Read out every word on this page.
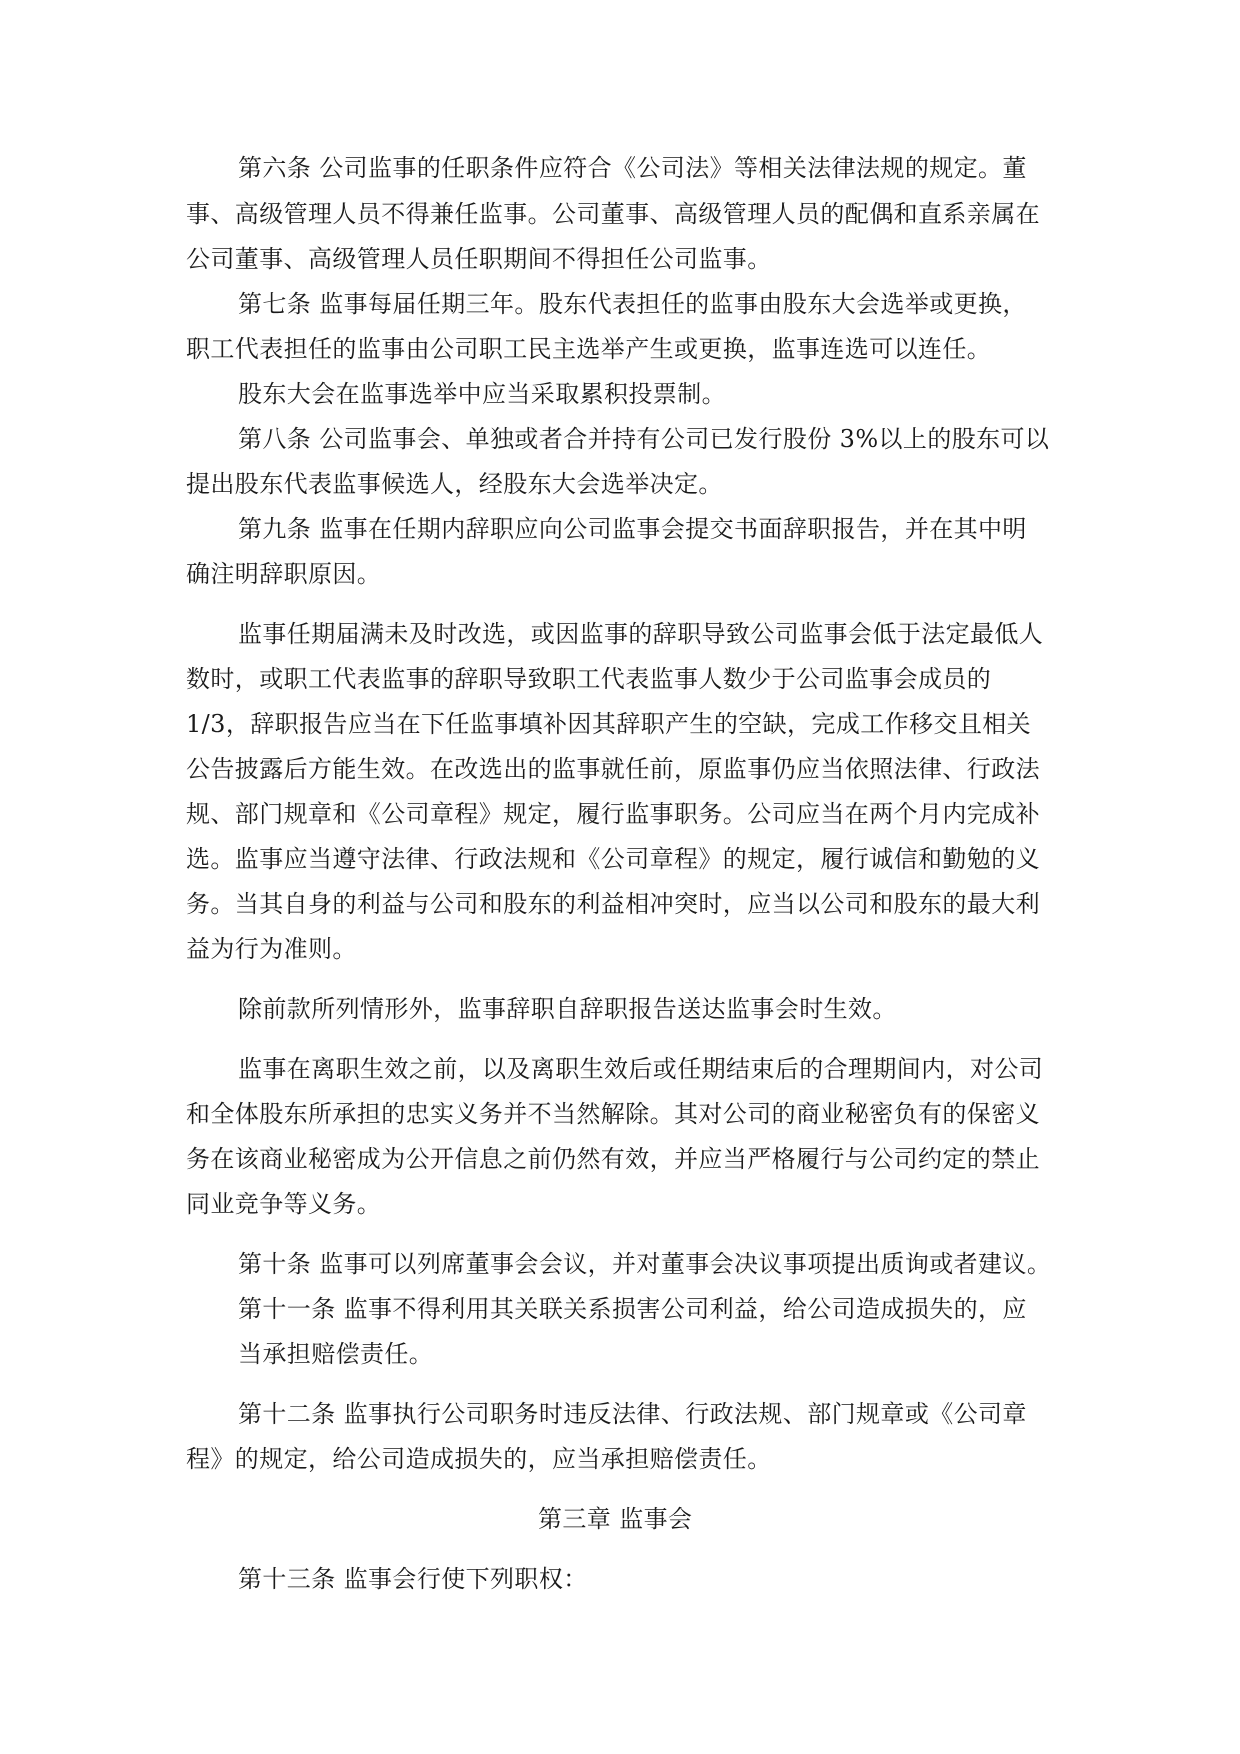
第六条 公司监事的任职条件应符合《公司法》等相关法律法规的规定。董
事、高级管理人员不得兼任监事。公司董事、高级管理人员的配偶和直系亲属在
公司董事、高级管理人员任职期间不得担任公司监事。
第七条 监事每届任期三年。股东代表担任的监事由股东大会选举或更换，
职工代表担任的监事由公司职工民主选举产生或更换，监事连选可以连任。
股东大会在监事选举中应当采取累积投票制。
第八条 公司监事会、单独或者合并持有公司已发行股份 3%以上的股东可以
提出股东代表监事候选人，经股东大会选举决定。
第九条 监事在任期内辞职应向公司监事会提交书面辞职报告，并在其中明
确注明辞职原因。
监事任期届满未及时改选，或因监事的辞职导致公司监事会低于法定最低人
数时，或职工代表监事的辞职导致职工代表监事人数少于公司监事会成员的
1/3，辞职报告应当在下任监事填补因其辞职产生的空缺，完成工作移交且相关
公告披露后方能生效。在改选出的监事就任前，原监事仍应当依照法律、行政法
规、部门规章和《公司章程》规定，履行监事职务。公司应当在两个月内完成补
选。监事应当遵守法律、行政法规和《公司章程》的规定，履行诚信和勤勉的义
务。当其自身的利益与公司和股东的利益相冲突时，应当以公司和股东的最大利
益为行为准则。
除前款所列情形外，监事辞职自辞职报告送达监事会时生效。
监事在离职生效之前，以及离职生效后或任期结束后的合理期间内，对公司
和全体股东所承担的忠实义务并不当然解除。其对公司的商业秘密负有的保密义
务在该商业秘密成为公开信息之前仍然有效，并应当严格履行与公司约定的禁止
同业竞争等义务。
第十条 监事可以列席董事会会议，并对董事会决议事项提出质询或者建议。
第十一条 监事不得利用其关联关系损害公司利益，给公司造成损失的，应
当承担赔偿责任。
第十二条 监事执行公司职务时违反法律、行政法规、部门规章或《公司章
程》的规定，给公司造成损失的，应当承担赔偿责任。
第三章 监事会
第十三条 监事会行使下列职权：
